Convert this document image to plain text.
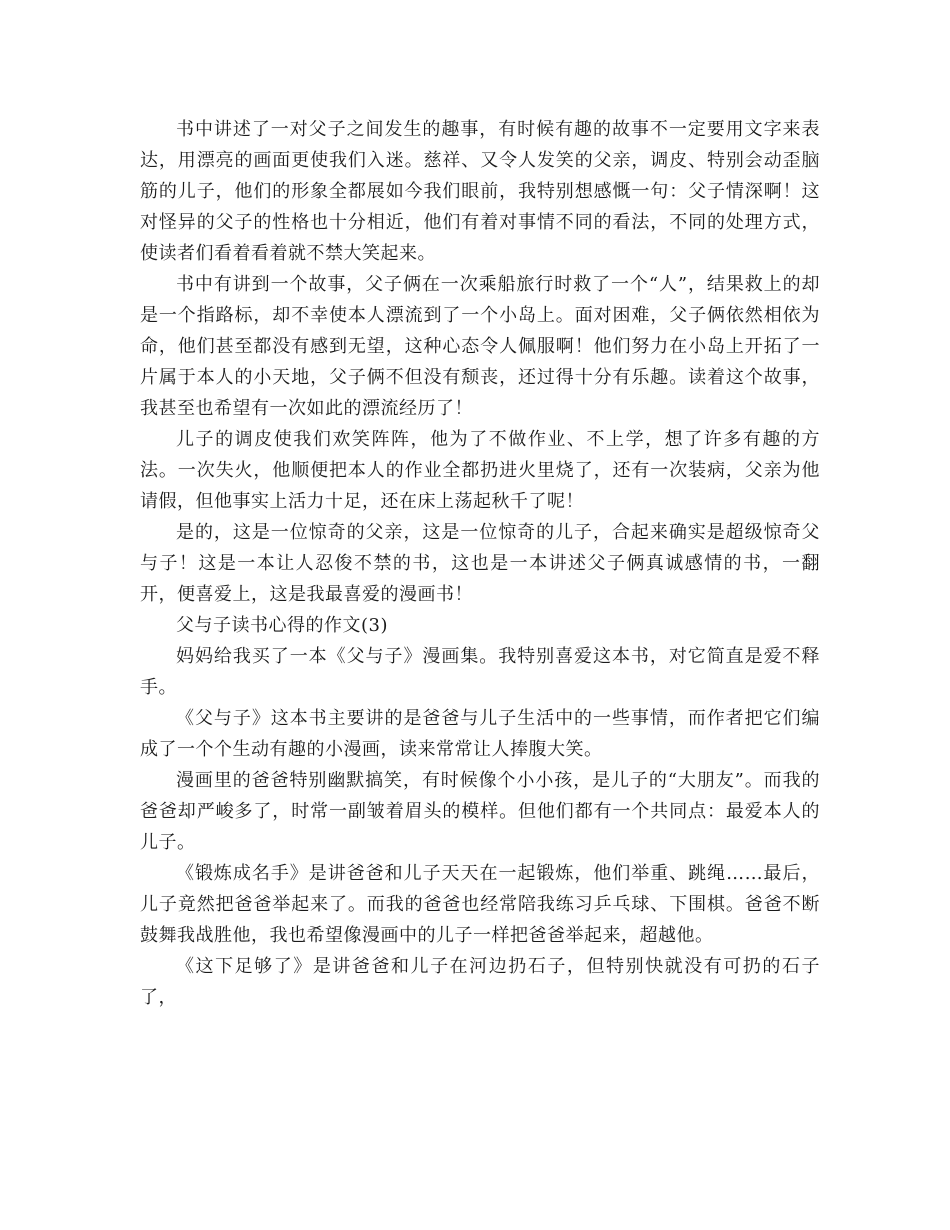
书中讲述了一对父子之间发生的趣事，有时候有趣的故事不一定要用文字来表达，用漂亮的画面更使我们入迷。慈祥、又令人发笑的父亲，调皮、特别会动歪脑筋的儿子，他们的形象全都展如今我们眼前，我特别想感慨一句：父子情深啊！这对怪异的父子的性格也十分相近，他们有着对事情不同的看法，不同的处理方式，使读者们看着看着就不禁大笑起来。

书中有讲到一个故事，父子俩在一次乘船旅行时救了一个“人”，结果救上的却是一个指路标，却不幸使本人漂流到了一个小岛上。面对困难，父子俩依然相依为命，他们甚至都没有感到无望，这种心态令人佩服啊！他们努力在小岛上开拓了一片属于本人的小天地，父子俩不但没有颓丧，还过得十分有乐趣。读着这个故事，我甚至也希望有一次如此的漂流经历了！

儿子的调皮使我们欢笑阵阵，他为了不做作业、不上学，想了许多有趣的方法。一次失火，他顺便把本人的作业全都扔进火里烧了，还有一次装病，父亲为他请假，但他事实上活力十足，还在床上荡起秋千了呢！

是的，这是一位惊奇的父亲，这是一位惊奇的儿子，合起来确实是超级惊奇父与子！这是一本让人忍俊不禁的书，这也是一本讲述父子俩真诚感情的书，一翻开，便喜爱上，这是我最喜爱的漫画书！

父与子读书心得的作文(3)

妈妈给我买了一本《父与子》漫画集。我特别喜爱这本书，对它简直是爱不释手。

《父与子》这本书主要讲的是爸爸与儿子生活中的一些事情，而作者把它们编成了一个个生动有趣的小漫画，读来常常让人捧腹大笑。

漫画里的爸爸特别幽默搞笑，有时候像个小小孩，是儿子的“大朋友”。而我的爸爸却严峻多了，时常一副皱着眉头的模样。但他们都有一个共同点：最爱本人的儿子。

《锻炼成名手》是讲爸爸和儿子天天在一起锻炼，他们举重、跳绳……最后，儿子竟然把爸爸举起来了。而我的爸爸也经常陪我练习乒乓球、下围棋。爸爸不断鼓舞我战胜他，我也希望像漫画中的儿子一样把爸爸举起来，超越他。

《这下足够了》是讲爸爸和儿子在河边扔石子，但特别快就没有可扔的石子了，
